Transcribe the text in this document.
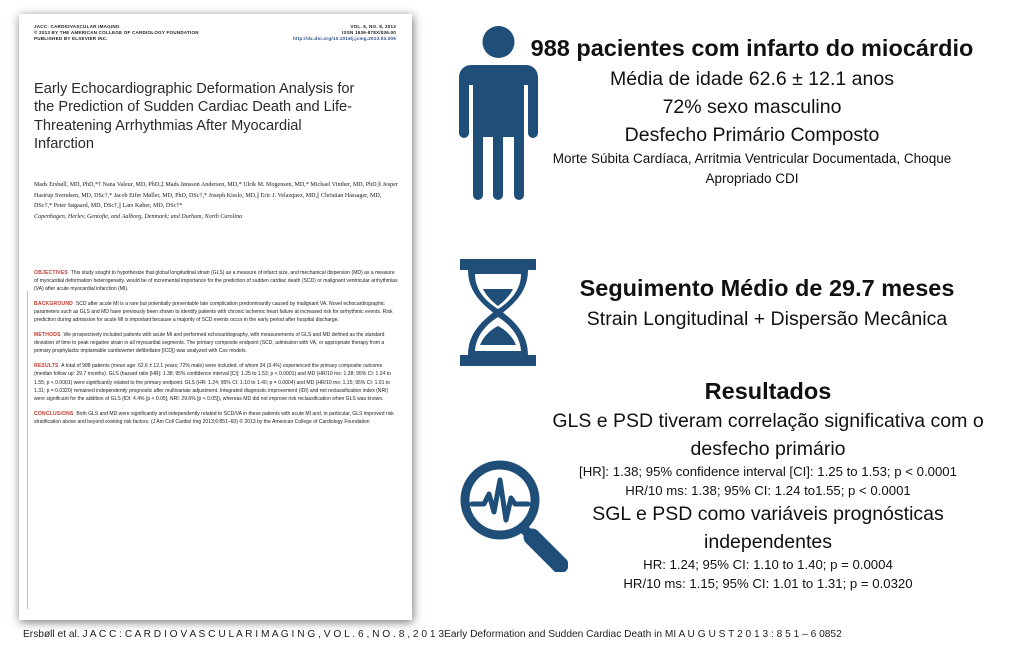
JACC: CARDIOVASCULAR IMAGING
© 2013 BY THE AMERICAN COLLEGE OF CARDIOLOGY FOUNDATION
PUBLISHED BY ELSEVIER INC.
VOL. 6, NO. 8, 2013
ISSN 1936-878X/$36.00
http://dx.doi.org/10.1016/j.jcmg.2013.03.009
Early Echocardiographic Deformation Analysis for the Prediction of Sudden Cardiac Death and Life-Threatening Arrhythmias After Myocardial Infarction
Mads Ersbøll, MD, PhD,*† Nana Valeur, MD, PhD,‡ Mads Jønsson Andersen, MD,* Ulrik M. Mogensen, MD,* Michael Vinther, MD, PhD,§ Jesper Hastrup Svendsen, MD, DSc†,* Jacob Eifer Møller, MD, PhD, DSc†,* Joseph Kisslo, MD,|| Eric J. Velazquez, MD,|| Christian Hassager, MD, DSc†,* Peter Søgaard, MD, DSc†,|| Lars Køber, MD, DSc†*
Copenhagen, Herlev, Gentofte, and Aalborg, Denmark; and Durham, North Carolina

OBJECTIVES This study sought to hypothesize that global longitudinal strain (GLS) as a measure of infarct size, and mechanical dispersion (MD) as a measure of myocardial deformation heterogeneity, would be of incremental importance for the prediction of sudden cardiac death (SCD) or malignant ventricular arrhythmias (VA) after acute myocardial infarction (MI).

BACKGROUND SCD after acute MI is a rare but potentially preventable late complication predominantly caused by malignant VA. Novel echocardiographic parameters such as GLS and MD have previously been shown to identify patients with chronic ischemic heart failure at increased risk for arrhythmic events. Risk prediction during admission for acute MI is important because a majority of SCD events occur in the early period after hospital discharge.

METHODS We prospectively included patients with acute MI and performed echocardiography, with measurements of GLS and MD defined as the standard deviation of time to peak negative strain in all myocardial segments. The primary composite endpoint (SCD, admission with VA, or appropriate therapy from a primary prophylactic implantable cardioverter defibrillator [ICD]) was analyzed with Cox models.

RESULTS A total of 988 patients (mean age: 62.6 ± 12.1 years; 72% male) were included, of whom 34 (3.4%) experienced the primary composite outcome (median follow up: 29.7 months). GLS (hazard ratio [HR]: 1.38; 95% confidence interval [CI]: 1.25 to 1.53; p < 0.0001) and MD (HR/10 ms: 1.38; 95% CI: 1.24 to 1.55; p < 0.0001) were significantly related to the primary endpoint. GLS (HR: 1.24; 95% CI: 1.10 to 1.40; p = 0.0004) and MD (HR/10 ms: 1.15; 95% CI: 1.01 to 1.31; p = 0.0320) remained independently prognostic after multivariate adjustment. Integrated diagnostic improvement (IDI) and net reclassification index (NRI) were significant for the addition of GLS (IDI: 4.4% [p < 0.05]; NRI: 29.6% [p < 0.05]), whereas MD did not improve risk reclassification when GLS was known.

CONCLUSIONS Both GLS and MD were significantly and independently related to SCD/VA in these patients with acute MI and, in particular, GLS improved risk stratification above and beyond existing risk factors. (J Am Coll Cardiol Img 2013;6:851–60) © 2013 by the American College of Cardiology Foundation

988 pacientes com infarto do miocárdio
Média de idade 62.6 ± 12.1 anos
72% sexo masculino
Desfecho Primário Composto
Morte Súbita Cardíaca, Arritmia Ventricular Documentada, Choque
Apropriado CDI
Seguimento Médio de 29.7 meses
Strain Longitudinal + Dispersão Mecânica
Resultados
GLS e PSD tiveram correlação significativa com o
desfecho primário
[HR]: 1.38; 95% confidence interval [CI]: 1.25 to 1.53; p < 0.0001
HR/10 ms: 1.38; 95% CI: 1.24 to1.55; p < 0.0001
SGL e PSD como variáveis prognósticas
independentes
HR: 1.24; 95% CI: 1.10 to 1.40; p = 0.0004
HR/10 ms: 1.15; 95% CI: 1.01 to 1.31; p = 0.0320
Ersbøll et al. J A C C : C A R D I O V A S C U L A R I M A G I N G , V O L . 6 , N O . 8 , 2 0 1 3Early Deformation and Sudden Cardiac Death in MI A U G U S T 2 0 1 3 : 8 5 1 – 6 0852
